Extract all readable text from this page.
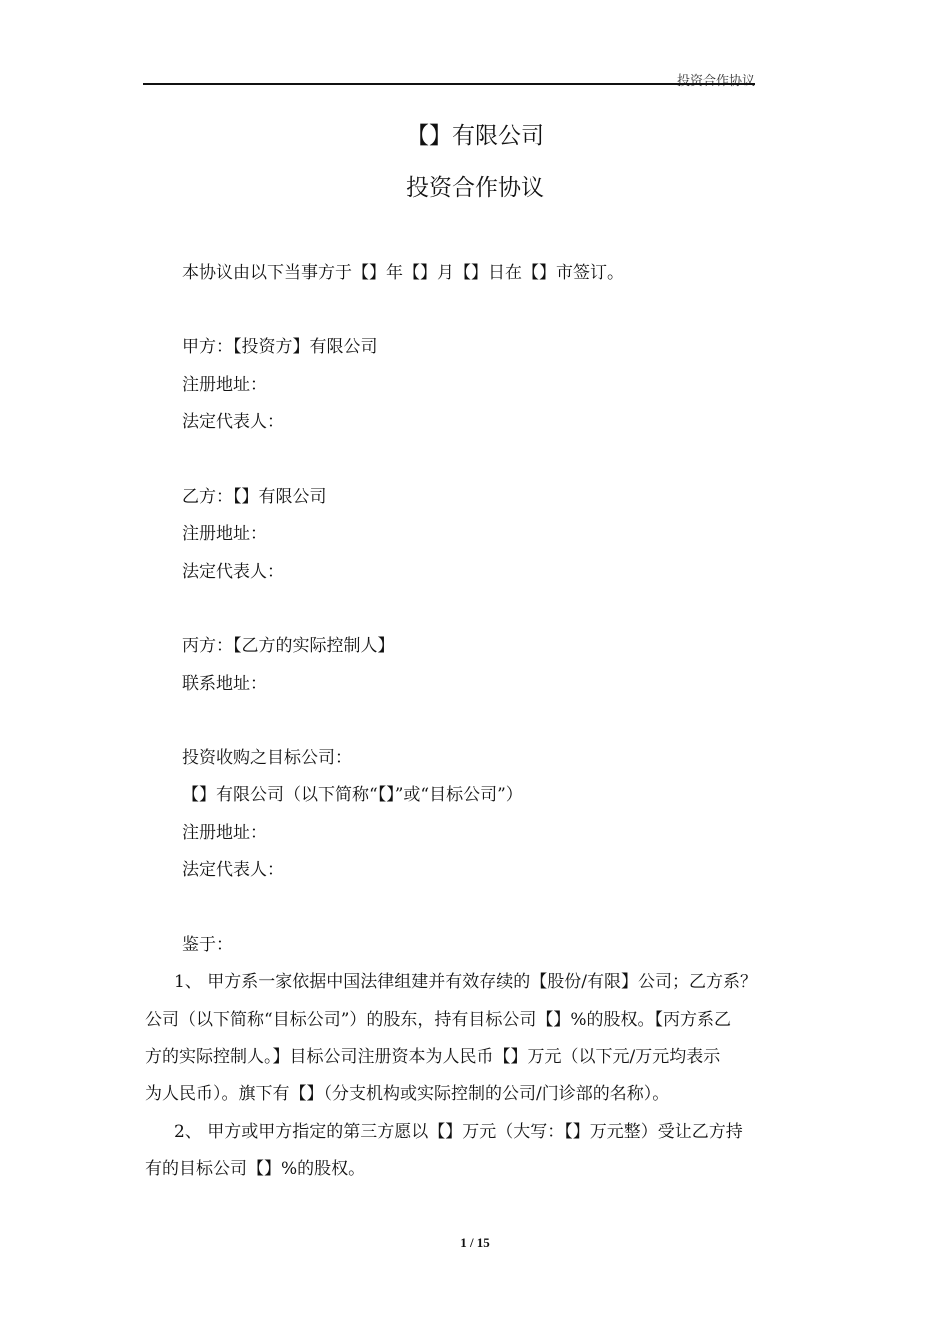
投资合作协议
【】有限公司
投资合作协议
本协议由以下当事方于【】年【】月【】日在【】市签订。
甲方：【投资方】有限公司
注册地址：
法定代表人：
乙方：【】有限公司
注册地址：
法定代表人：
丙方：【乙方的实际控制人】
联系地址：
投资收购之目标公司：
【】有限公司（以下简称“【】”或“目标公司”）
注册地址：
法定代表人：
鉴于：
1、 甲方系一家依据中国法律组建并有效存续的【股份/有限】公司；乙方系？
公司（以下简称“目标公司”）的股东，持有目标公司【】%的股权。【丙方系乙
方的实际控制人。】目标公司注册资本为人民币【】万元（以下元/万元均表示
为人民币）。旗下有【】（分支机构或实际控制的公司/门诊部的名称）。
2、 甲方或甲方指定的第三方愿以【】万元（大写：【】万元整）受让乙方持
有的目标公司【】%的股权。
1 / 15
